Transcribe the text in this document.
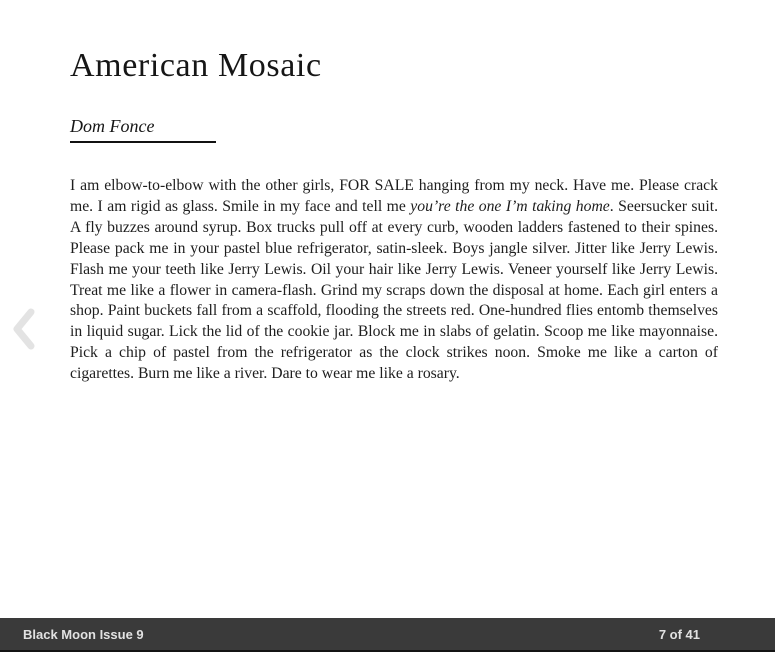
American Mosaic
Dom Fonce

I am elbow-to-elbow with the other girls, FOR SALE hanging from my neck. Have me. Please crack me. I am rigid as glass. Smile in my face and tell me you’re the one I’m taking home. Seersucker suit. A fly buzzes around syrup. Box trucks pull off at every curb, wooden ladders fastened to their spines. Please pack me in your pastel blue refrigerator, satin-sleek. Boys jangle silver. Jitter like Jerry Lewis. Flash me your teeth like Jerry Lewis. Oil your hair like Jerry Lewis. Veneer yourself like Jerry Lewis. Treat me like a flower in camera-flash. Grind my scraps down the disposal at home. Each girl enters a shop. Paint buckets fall from a scaffold, flooding the streets red. One-hundred flies entomb themselves in liquid sugar. Lick the lid of the cookie jar. Block me in slabs of gelatin. Scoop me like mayonnaise. Pick a chip of pastel from the refrigerator as the clock strikes noon. Smoke me like a carton of cigarettes. Burn me like a river. Dare to wear me like a rosary.

Black Moon Issue 9	7 of 41
